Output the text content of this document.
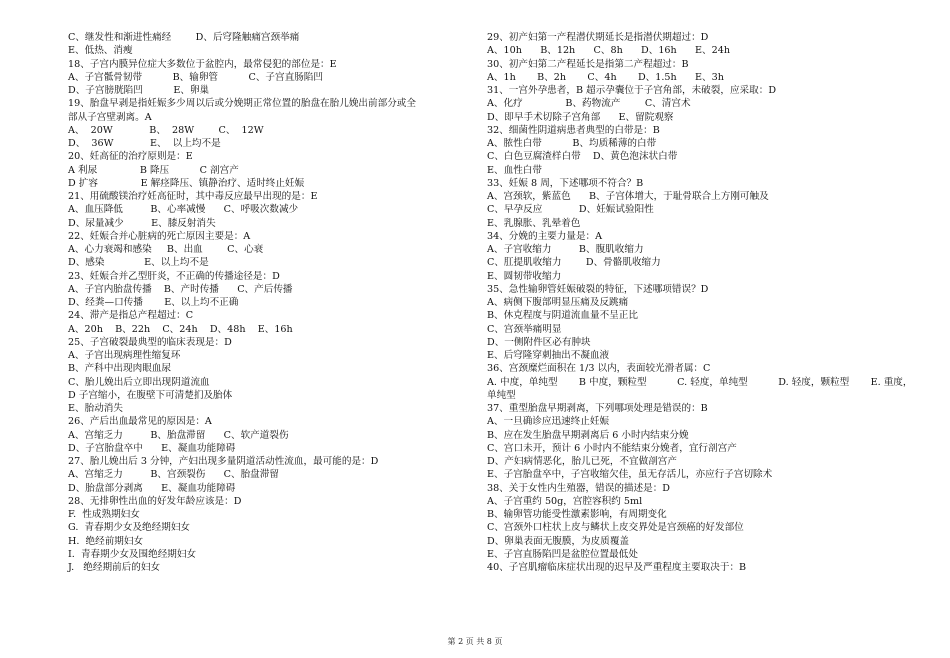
C、继发性和渐进性痛经        D、后穹隆触痛宫颈举痛
E、低热、消瘦
18、子宫内膜异位症大多数位于盆腔内，最常侵犯的部位是：E
A、子宫骶骨韧带          B、输卵管          C、子宫直肠陷凹
D、子宫膀胱陷凹          E、卵巢
19、胎盘早剥是指妊娠多少周以后或分娩期正常位置的胎盘在胎儿娩出前部分或全
部从子宫壁剥离。A
A、  20W            B、  28W        C、  12W
D、  36W            E、  以上均不是
20、妊高征的治疗原则是：E
A 利尿              B 降压          C 剖宫产
D 扩容              E 解痉降压、镇静治疗、适时终止妊娠
21、用硫酸镁治疗妊高征时，其中毒反应最早出现的是：E
A、血压降低         B、心率减慢      C、呼吸次数减少
D、尿量减少         E、膝反射消失
22、妊娠合并心脏病的死亡原因主要是：A
A、心力衰竭和感染     B、出血        C、心衰
D、感染             E、以上均不是
23、妊娠合并乙型肝炎，不正确的传播途径是：D
A、子宫内胎盘传播    B、产时传播      C、产后传播
D、经粪—口传播       E、以上均不正确
24、滞产是指总产程超过：C
A、20h    B、22h    C、24h    D、48h    E、16h
25、子宫破裂最典型的临床表现是：D
A、子宫出现病理性缩复环
B、产科中出现肉眼血尿
C、胎儿娩出后立即出现阴道流血
D 子宫缩小，在腹壁下可清楚扪及胎体
E、胎动消失
26、产后出血最常见的原因是：A
A、宫缩乏力         B、胎盘滞留      C、软产道裂伤
D、子宫胎盘卒中      E、凝血功能障碍
27、胎儿娩出后 3 分钟，产妇出现多量阴道活动性流血，最可能的是：D
A、宫缩乏力         B、宫颈裂伤      C、胎盘滞留
D、胎盘部分剥离      E、凝血功能障碍
28、无排卵性出血的好发年龄应该是：D
F.  性成熟期妇女
G.  青春期少女及绝经期妇女
H.  绝经前期妇女
I.  青春期少女及围绝经期妇女
J.   绝经期前后的妇女
29、初产妇第一产程潜伏期延长是指潜伏期超过：D
A、10h      B、12h      C、8h      D、16h      E、24h
30、初产妇第二产程延长是指第二产程超过：B
A、1h       B、2h       C、4h       D、1.5h      E、3h
31、一宫外孕患者，B 超示孕囊位于子宫角部，未破裂，应采取：D
A、化疗              B、药物流产        C、清宫术
D、即早手术切除子宫角部      E、留院观察
32、细菌性阴道病患者典型的白带是：B
A、脓性白带          B、均质稀薄的白带
C、白色豆腐渣样白带    D、黄色泡沫状白带
E、血性白带
33、妊娠 8 周，下述哪项不符合？B
A、宫颈软，紫蓝色      B、子宫体增大，于耻骨联合上方刚可触及
C、早孕反应            D、妊娠试验阳性
E、乳腺胀、乳晕着色
34、分娩的主要力量是：A
A、子宫收缩力         B、腹肌收缩力
C、肛提肌收缩力        D、骨骼肌收缩力
E、圆韧带收缩力
35、急性输卵管妊娠破裂的特征，下述哪项错误？D
A、病侧下腹部明显压痛及反跳痛
B、休克程度与阴道流血量不呈正比
C、宫颈举痛明显
D、一侧附件区必有肿块
E、后穹隆穿刺抽出不凝血液
36、宫颈糜烂面积在 1/3 以内，表面较光滑者属：C
A. 中度，单纯型       B 中度，颗粒型          C. 轻度，单纯型          D. 轻度，颗粒型       E. 重度，
单纯型
37、重型胎盘早期剥离，下列哪项处理是错误的：B
A、一旦确诊应迅速终止妊娠
B、应在发生胎盘早期剥离后 6 小时内结束分娩
C、宫口未开，预计 6 小时内不能结束分娩者，宜行剖宫产
D、产妇病情恶化，胎儿已死，不宜做剖宫产
E、子宫胎盘卒中，子宫收缩欠佳，虽无存活儿，亦应行子宫切除术
38、关于女性内生殖器，错误的描述是：D
A、子宫重约 50g，宫腔容积约 5ml
B、输卵管功能受性激素影响，有周期变化
C、宫颈外口柱状上皮与鳞状上皮交界处是宫颈癌的好发部位
D、卵巢表面无腹膜，为皮质覆盖
E、子宫直肠陷凹是盆腔位置最低处
40、子宫肌瘤临床症状出现的迟早及严重程度主要取决于：B
第 2 页 共 8 页
